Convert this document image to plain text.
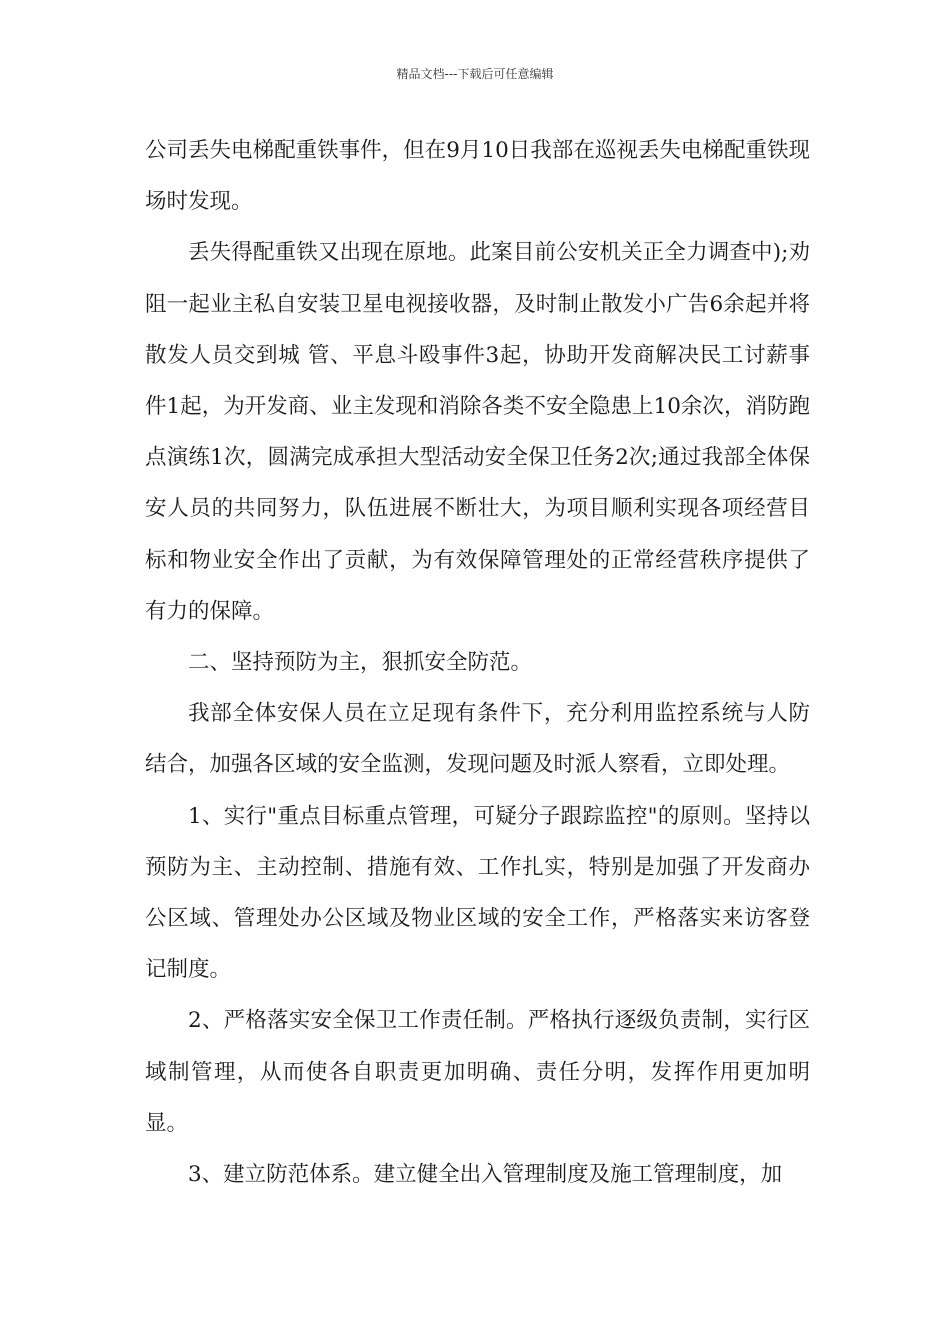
精品文档---下载后可任意编辑

公司丢失电梯配重铁事件，但在9月10日我部在巡视丢失电梯配重铁现场时发现。

丢失得配重铁又出现在原地。此案目前公安机关正全力调查中);劝阻一起业主私自安装卫星电视接收器，及时制止散发小广告6余起并将散发人员交到城 管、平息斗殴事件3起，协助开发商解决民工讨薪事件1起，为开发商、业主发现和消除各类不安全隐患上10余次，消防跑点演练1次，圆满完成承担大型活动安全保卫任务2次;通过我部全体保安人员的共同努力，队伍进展不断壮大，为项目顺利实现各项经营目标和物业安全作出了贡献，为有效保障管理处的正常经营秩序提供了有力的保障。

二、坚持预防为主，狠抓安全防范。

我部全体安保人员在立足现有条件下，充分利用监控系统与人防结合，加强各区域的安全监测，发现问题及时派人察看，立即处理。

1、实行"重点目标重点管理，可疑分子跟踪监控"的原则。坚持以预防为主、主动控制、措施有效、工作扎实，特别是加强了开发商办公区域、管理处办公区域及物业区域的安全工作，严格落实来访客登记制度。

2、严格落实安全保卫工作责任制。严格执行逐级负责制，实行区域制管理，从而使各自职责更加明确、责任分明，发挥作用更加明显。

3、建立防范体系。建立健全出入管理制度及施工管理制度，加
